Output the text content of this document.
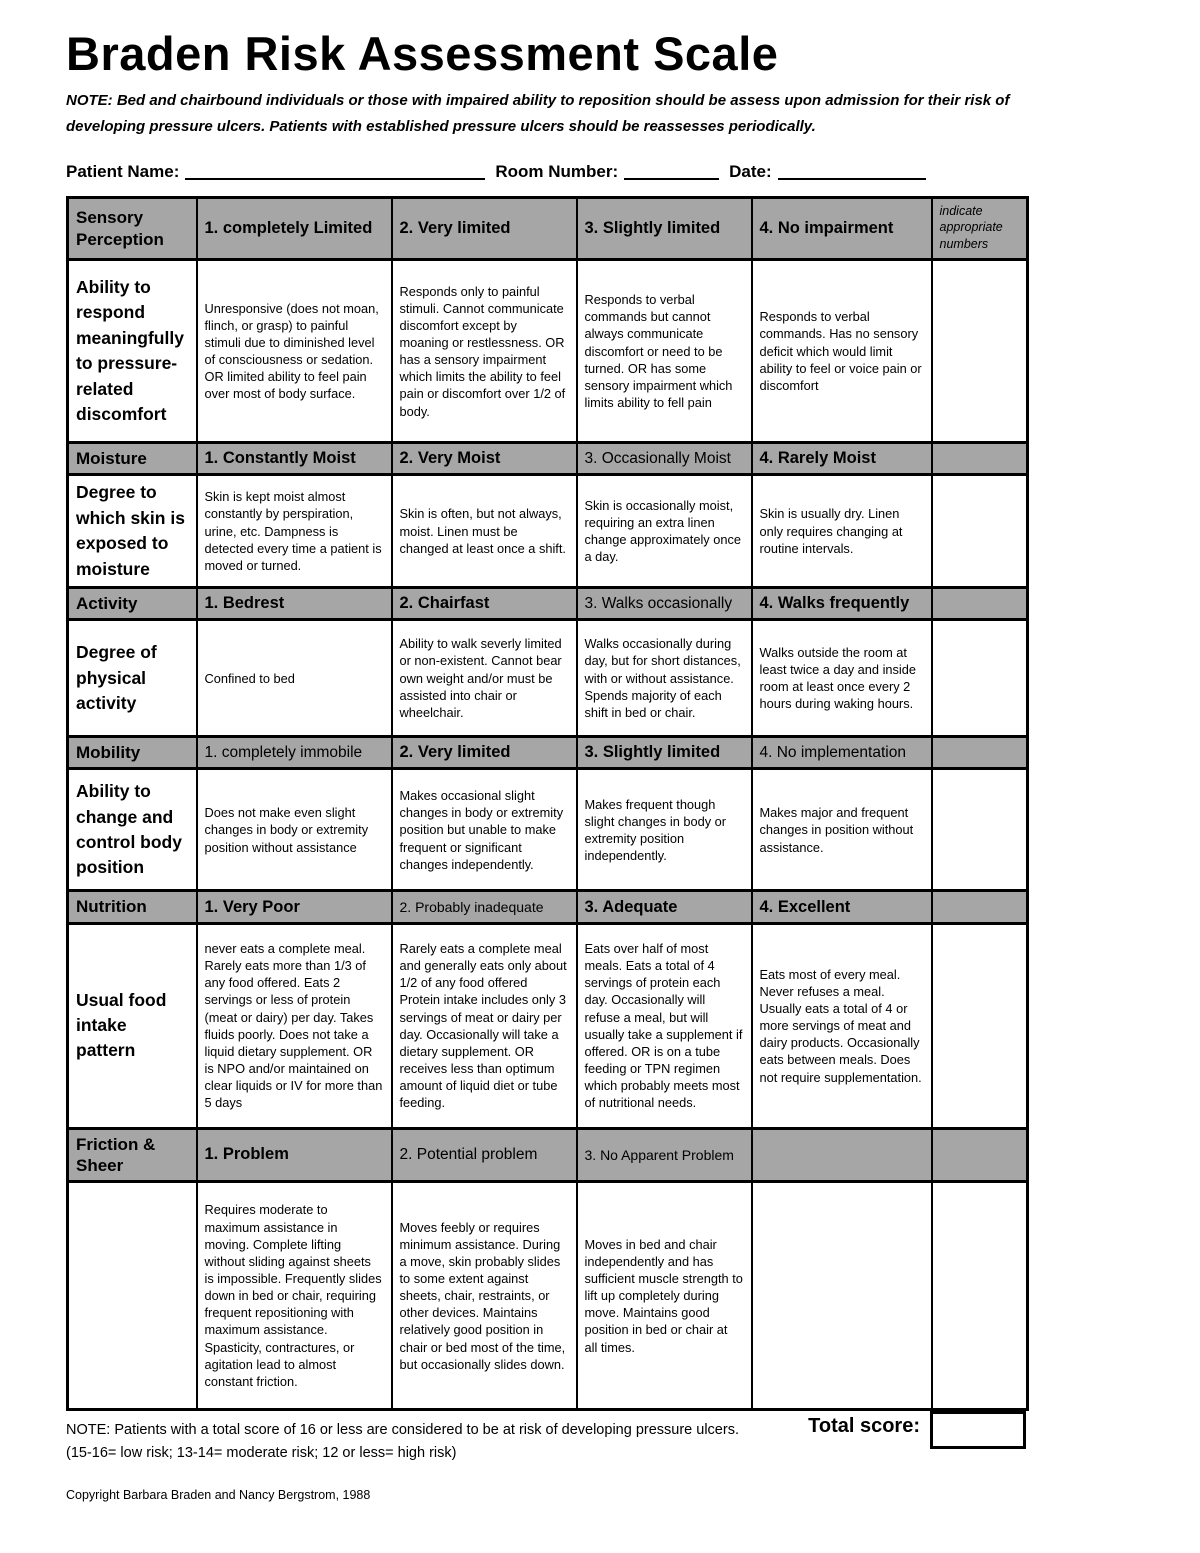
Braden Risk Assessment Scale
NOTE: Bed and chairbound individuals or those with impaired ability to reposition should be assess upon admission for their risk of developing pressure ulcers. Patients with established pressure ulcers should be reassesses periodically.
Patient Name:	Room Number:	Date:
Sensory Perception	1. completely Limited	2. Very limited	3. Slightly limited	4. No impairment	indicate appropriate numbers
Ability to respond meaningfully to pressure-related discomfort	Unresponsive (does not moan, flinch, or grasp) to painful stimuli due to diminished level of consciousness or sedation. OR limited ability to feel pain over most of body surface.	Responds only to painful stimuli. Cannot communicate discomfort except by moaning or restlessness. OR has a sensory impairment which limits the ability to feel pain or discomfort over 1/2 of body.	Responds to verbal commands but cannot always communicate discomfort or need to be turned. OR has some sensory impairment which limits ability to fell pain	Responds to verbal commands. Has no sensory deficit which would limit ability to feel or voice pain or discomfort	
Moisture	1. Constantly Moist	2. Very Moist	3. Occasionally Moist	4. Rarely Moist	
Degree to which skin is exposed to moisture	Skin is kept moist almost constantly by perspiration, urine, etc. Dampness is detected every time a patient is moved or turned.	Skin is often, but not always, moist. Linen must be changed at least once a shift.	Skin is occasionally moist, requiring an extra linen change approximately once a day.	Skin is usually dry. Linen only requires changing at routine intervals.	
Activity	1. Bedrest	2. Chairfast	3. Walks occasionally	4. Walks frequently	
Degree of physical activity	Confined to bed	Ability to walk severly limited or non-existent. Cannot bear own weight and/or must be assisted into chair or wheelchair.	Walks occasionally during day, but for short distances, with or without assistance. Spends majority of each shift in bed or chair.	Walks outside the room at least twice a day and inside room at least once every 2 hours during waking hours.	
Mobility	1. completely immobile	2. Very limited	3. Slightly limited	4. No implementation	
Ability to change and control body position	Does not make even slight changes in body or extremity position without assistance	Makes occasional slight changes in body or extremity position but unable to make frequent or significant changes independently.	Makes frequent though slight changes in body or extremity position independently.	Makes major and frequent changes in position without assistance.	
Nutrition	1. Very Poor	2. Probably inadequate	3. Adequate	4. Excellent	
Usual food intake pattern	never eats a complete meal. Rarely eats more than 1/3 of any food offered. Eats 2 servings or less of protein (meat or dairy) per day. Takes fluids poorly. Does not take a liquid dietary supplement. OR is NPO and/or maintained on clear liquids or IV for more than 5 days	Rarely eats a complete meal and generally eats only about 1/2 of any food offered Protein intake includes only 3 servings of meat or dairy per day. Occasionally will take a dietary supplement. OR receives less than optimum amount of liquid diet or tube feeding.	Eats over half of most meals. Eats a total of 4 servings of protein each day. Occasionally will refuse a meal, but will usually take a supplement if offered. OR is on a tube feeding or TPN regimen which probably meets most of nutritional needs.	Eats most of every meal. Never refuses a meal. Usually eats a total of 4 or more servings of meat and dairy products. Occasionally eats between meals. Does not require supplementation.	
Friction & Sheer	1. Problem	2. Potential problem	3. No Apparent Problem		
	Requires moderate to maximum assistance in moving. Complete lifting without sliding against sheets is impossible. Frequently slides down in bed or chair, requiring frequent repositioning with maximum assistance. Spasticity, contractures, or agitation lead to almost constant friction.	Moves feebly or requires minimum assistance. During a move, skin probably slides to some extent against sheets, chair, restraints, or other devices. Maintains relatively good position in chair or bed most of the time, but occasionally slides down.	Moves in bed and chair independently and has sufficient muscle strength to lift up completely during move. Maintains good position in bed or chair at all times.		
Total score:
NOTE: Patients with a total score of 16 or less are considered to be at risk of developing pressure ulcers.
(15-16= low risk; 13-14= moderate risk; 12 or less= high risk)
Copyright Barbara Braden and Nancy Bergstrom, 1988
